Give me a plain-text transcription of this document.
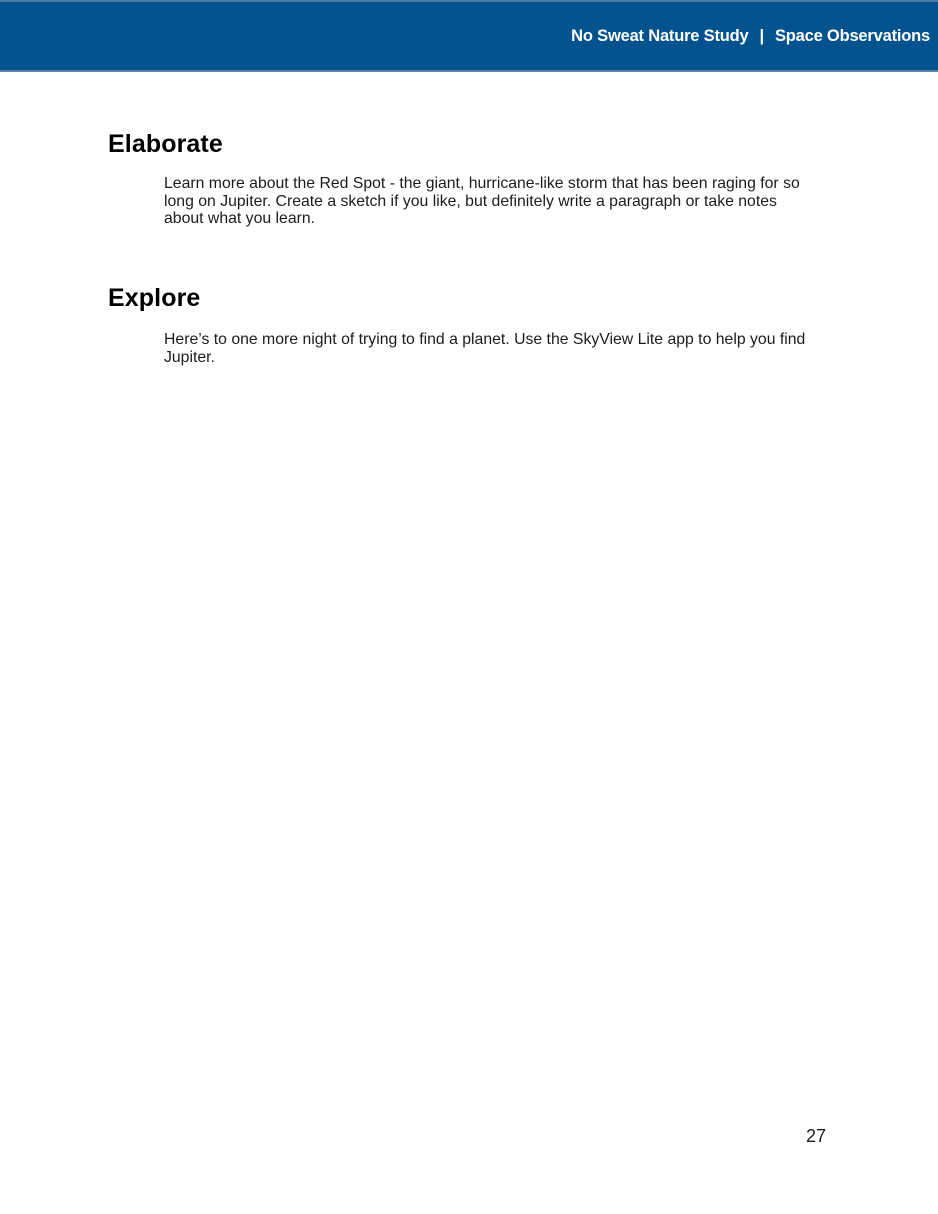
No Sweat Nature Study | Space Observations
Elaborate

Learn more about the Red Spot - the giant, hurricane-like storm that has been raging for so long on Jupiter. Create a sketch if you like, but definitely write a paragraph or take notes about what you learn.

Explore

Here’s to one more night of trying to find a planet. Use the SkyView Lite app to help you find Jupiter.

27
